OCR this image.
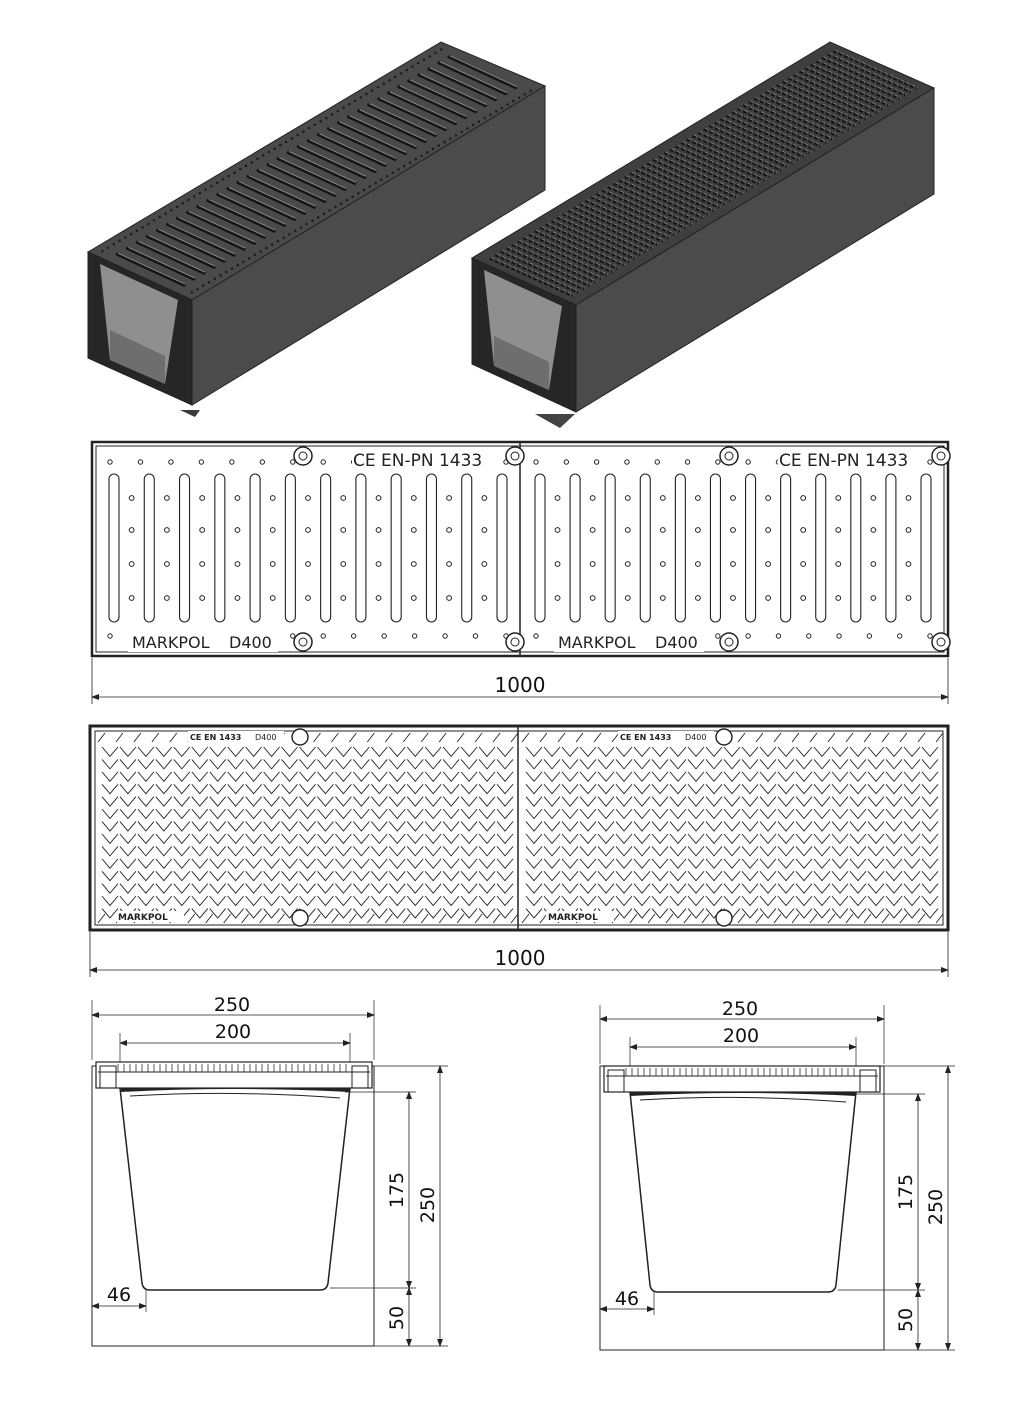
CE EN-PN 1433	CE EN-PN 1433
MARKPOL D400	MARKPOL D400
1000
CE EN 1433 D400	CE EN 1433 D400
MARKPOL	MARKPOL
1000
250
200
175 250
50
46
250
200
175 250
50
46
